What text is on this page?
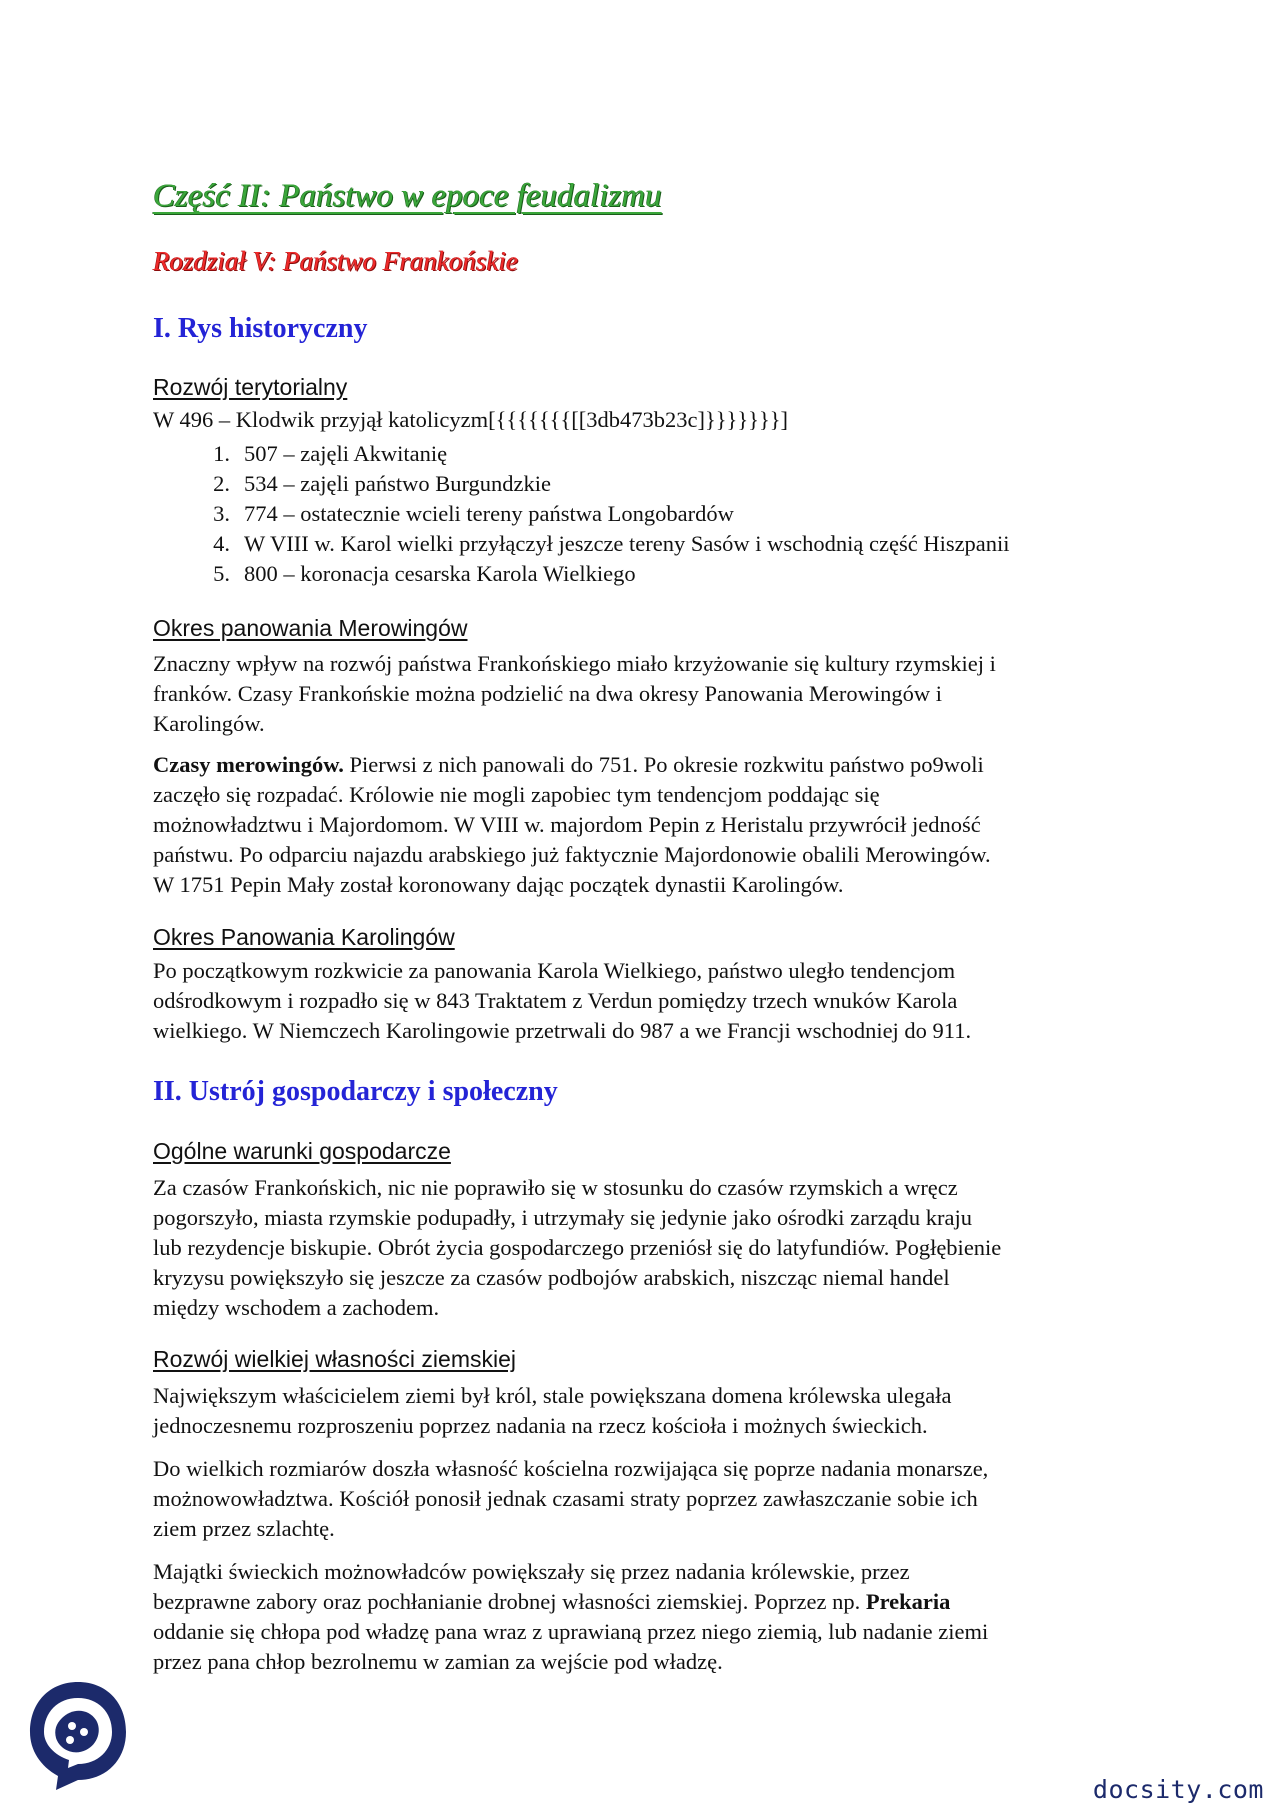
Część II: Państwo w epoce feudalizmu
Rozdział V: Państwo Frankońskie
I. Rys historyczny
Rozwój terytorialny
W 496 – Klodwik przyjął katolicyzm[{{{{{{{[[3db473b23c]}}}}}}}]
1. 507 – zajęli Akwitanię
2. 534 – zajęli państwo Burgundzkie
3. 774 – ostatecznie wcieli tereny państwa Longobardów
4. W VIII w. Karol wielki przyłączył jeszcze tereny Sasów i wschodnią część Hiszpanii
5. 800 – koronacja cesarska Karola Wielkiego
Okres panowania Merowingów
Znaczny wpływ na rozwój państwa Frankońskiego miało krzyżowanie się kultury rzymskiej i
franków. Czasy Frankońskie można podzielić na dwa okresy Panowania Merowingów i
Karolingów.
Czasy merowingów. Pierwsi z nich panowali do 751. Po okresie rozkwitu państwo po9woli
zaczęło się rozpadać. Królowie nie mogli zapobiec tym tendencjom poddając się
możnowładztwu i Majordomom. W VIII w. majordom Pepin z Heristalu przywrócił jedność
państwu. Po odparciu najazdu arabskiego już faktycznie Majordonowie obalili Merowingów.
W 1751 Pepin Mały został koronowany dając początek dynastii Karolingów.
Okres Panowania Karolingów
Po początkowym rozkwicie za panowania Karola Wielkiego, państwo uległo tendencjom
odśrodkowym i rozpadło się w 843 Traktatem z Verdun pomiędzy trzech wnuków Karola
wielkiego. W Niemczech Karolingowie przetrwali do 987 a we Francji wschodniej do 911.
II. Ustrój gospodarczy i społeczny
Ogólne warunki gospodarcze
Za czasów Frankońskich, nic nie poprawiło się w stosunku do czasów rzymskich a wręcz
pogorszyło, miasta rzymskie podupadły, i utrzymały się jedynie jako ośrodki zarządu kraju
lub rezydencje biskupie. Obrót życia gospodarczego przeniósł się do latyfundiów. Pogłębienie
kryzysu powiększyło się jeszcze za czasów podbojów arabskich, niszcząc niemal handel
między wschodem a zachodem.
Rozwój wielkiej własności ziemskiej
Największym właścicielem ziemi był król, stale powiększana domena królewska ulegała
jednoczesnemu rozproszeniu poprzez nadania na rzecz kościoła i możnych świeckich.
Do wielkich rozmiarów doszła własność kościelna rozwijająca się poprze nadania monarsze,
możnowowładztwa. Kościół ponosił jednak czasami straty poprzez zawłaszczanie sobie ich
ziem przez szlachtę.
Majątki świeckich możnowładców powiększały się przez nadania królewskie, przez
bezprawne zabory oraz pochłanianie drobnej własności ziemskiej. Poprzez np. Prekaria
oddanie się chłopa pod władzę pana wraz z uprawianą przez niego ziemią, lub nadanie ziemi
przez pana chłop bezrolnemu w zamian za wejście pod władzę.
docsity.com
